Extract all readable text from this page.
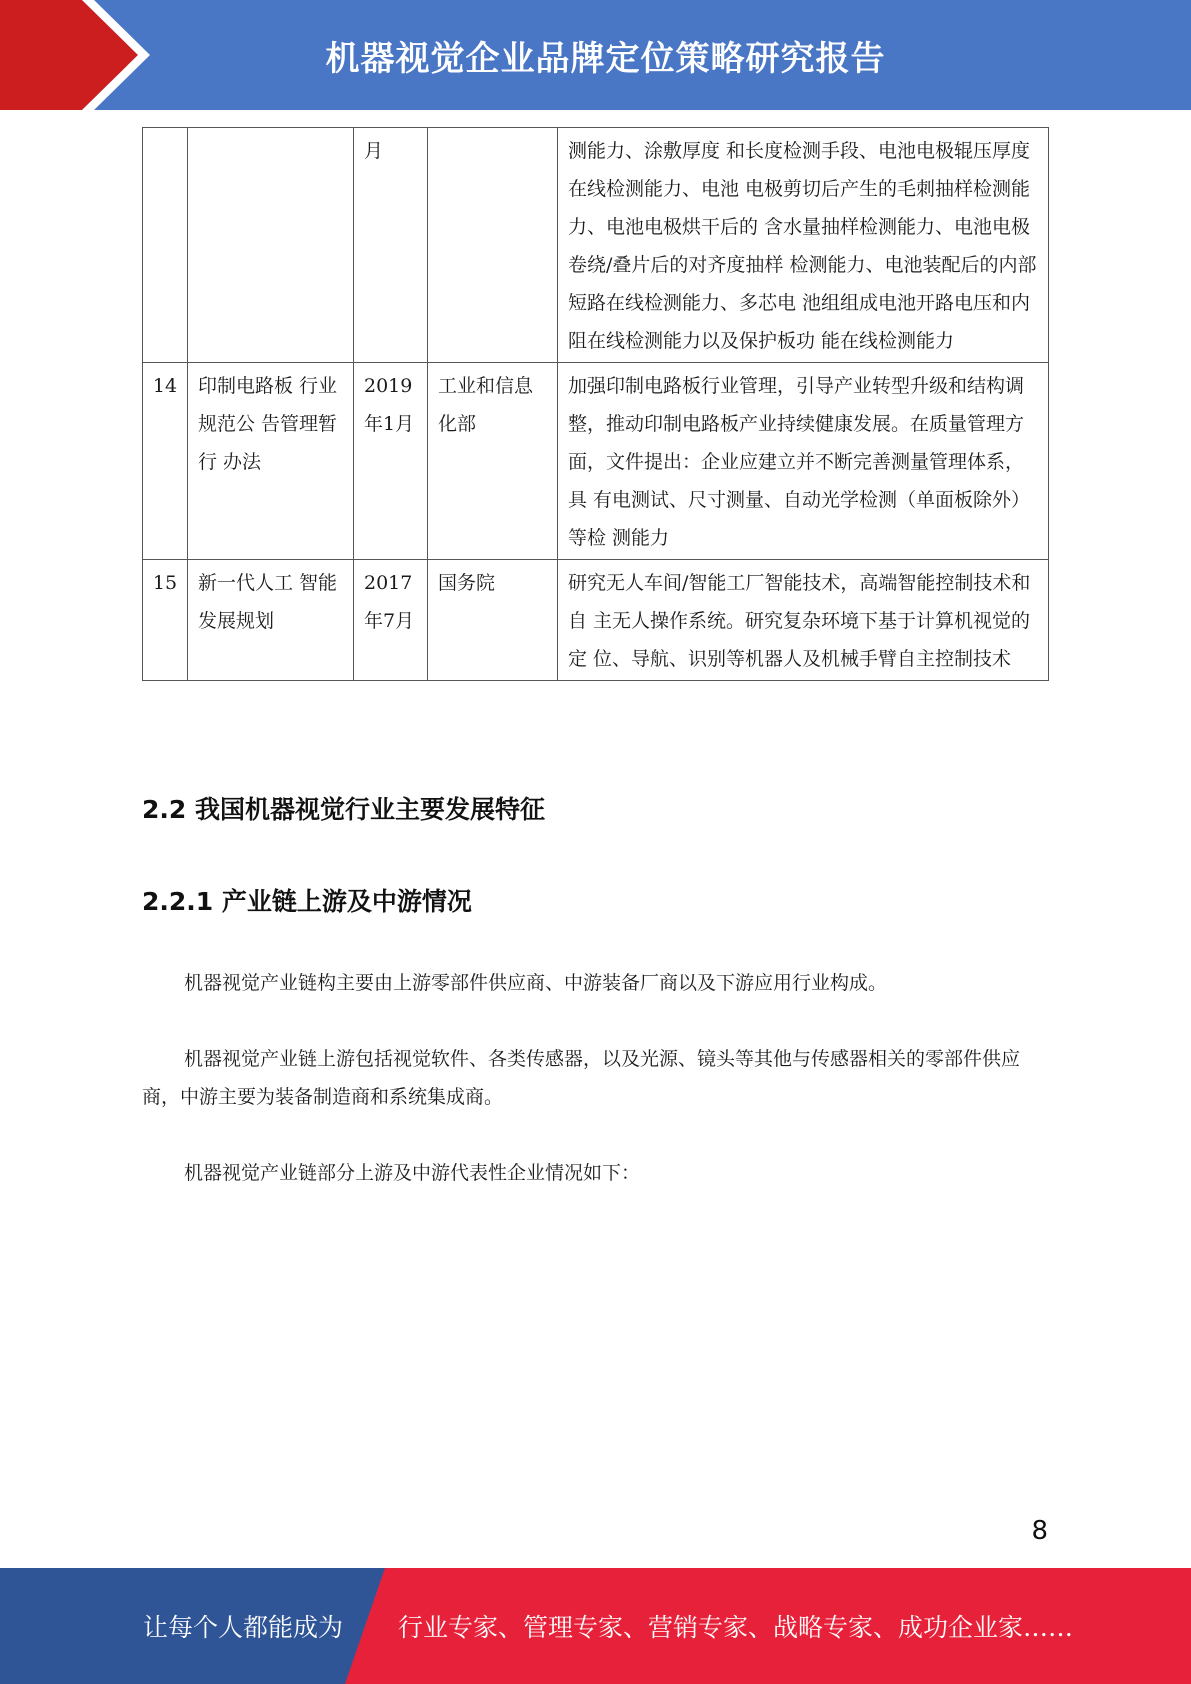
机器视觉企业品牌定位策略研究报告
		月		测能力、涂敷厚度 和长度检测手段、电池电极辊压厚度在线检测能力、电池 电极剪切后产生的毛刺抽样检测能力、电池电极烘干后的 含水量抽样检测能力、电池电极卷绕/叠片后的对齐度抽样 检测能力、电池装配后的内部短路在线检测能力、多芯电 池组组成电池开路电压和内阻在线检测能力以及保护板功 能在线检测能力
14	印制电路板 行业规范公 告管理暂行 办法	2019年1月	工业和信息化部	加强印制电路板行业管理，引导产业转型升级和结构调 整，推动印制电路板产业持续健康发展。在质量管理方 面，文件提出：企业应建立并不断完善测量管理体系，具 有电测试、尺寸测量、自动光学检测（单面板除外）等检 测能力
15	新一代人工 智能发展规划	2017年7月	国务院	研究无人车间/智能工厂智能技术，高端智能控制技术和自 主无人操作系统。研究复杂环境下基于计算机视觉的定 位、导航、识别等机器人及机械手臂自主控制技术
2.2 我国机器视觉行业主要发展特征
2.2.1 产业链上游及中游情况

机器视觉产业链构主要由上游零部件供应商、中游装备厂商以及下游应用行业构成。

机器视觉产业链上游包括视觉软件、各类传感器，以及光源、镜头等其他与传感器相关的零部件供应商，中游主要为装备制造商和系统集成商。

机器视觉产业链部分上游及中游代表性企业情况如下：

8
让每个人都能成为 行业专家、管理专家、营销专家、战略专家、成功企业家……
